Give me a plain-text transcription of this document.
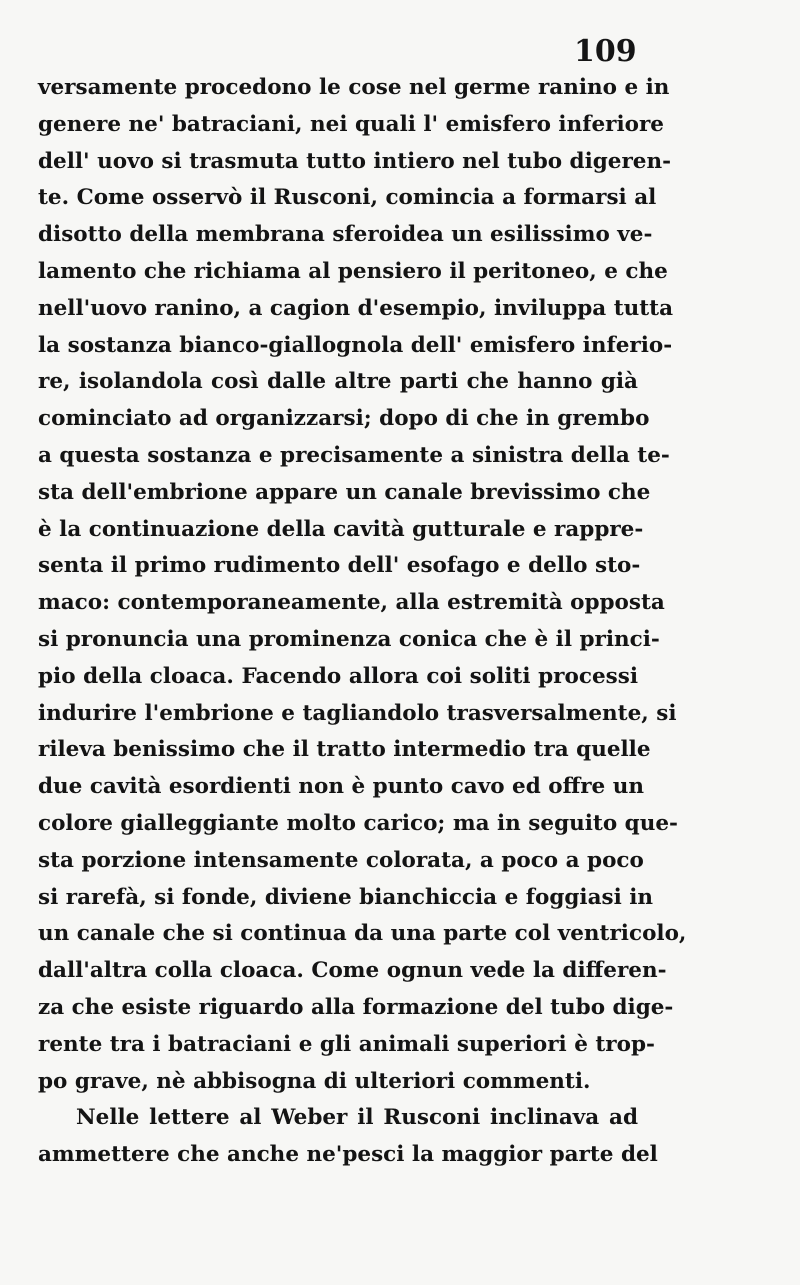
109
versamente procedono le cose nel germe ranino e in
genere ne' batraciani, nei quali l' emisfero inferiore
dell' uovo si trasmuta tutto intiero nel tubo digeren-
te. Come osservò il Rusconi, comincia a formarsi al
disotto della membrana sferoidea un esilissimo ve-
lamento che richiama al pensiero il peritoneo, e che
nell'uovo ranino, a cagion d'esempio, inviluppa tutta
la sostanza bianco-giallognola dell' emisfero inferio-
re, isolandola così dalle altre parti che hanno già
cominciato ad organizzarsi; dopo di che in grembo
a questa sostanza e precisamente a sinistra della te-
sta dell'embrione appare un canale brevissimo che
è la continuazione della cavità gutturale e rappre-
senta il primo rudimento dell' esofago e dello sto-
maco: contemporaneamente, alla estremità opposta
si pronuncia una prominenza conica che è il princi-
pio della cloaca. Facendo allora coi soliti processi
indurire l'embrione e tagliandolo trasversalmente, si
rileva benissimo che il tratto intermedio tra quelle
due cavità esordienti non è punto cavo ed offre un
colore gialleggiante molto carico; ma in seguito que-
sta porzione intensamente colorata, a poco a poco
si rarefà, si fonde, diviene bianchiccia e foggiasi in
un canale che si continua da una parte col ventricolo,
dall'altra colla cloaca. Come ognun vede la differen-
za che esiste riguardo alla formazione del tubo dige-
rente tra i batraciani e gli animali superiori è trop-
po grave, nè abbisogna di ulteriori commenti.
Nelle lettere al Weber il Rusconi inclinava ad
ammettere che anche ne'pesci la maggior parte del
